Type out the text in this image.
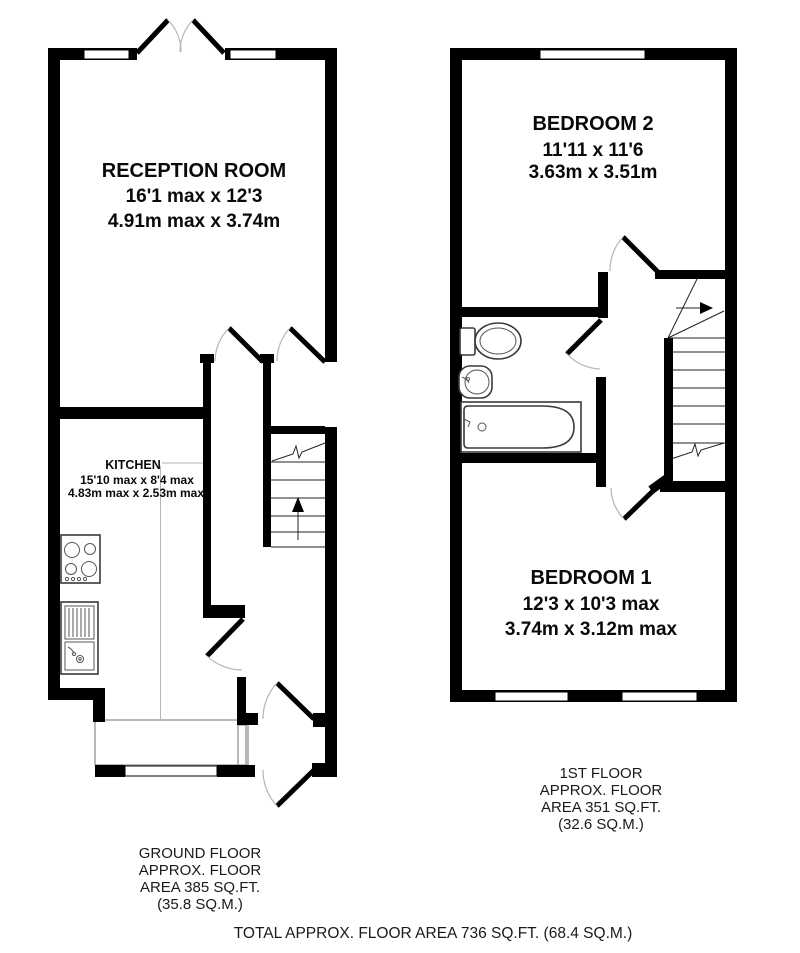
RECEPTION ROOM
16'1 max x 12'3
4.91m max x 3.74m
KITCHEN
15'10 max x 8'4 max
4.83m max x 2.53m max
GROUND FLOOR
APPROX. FLOOR
AREA 385 SQ.FT.
(35.8 SQ.M.)
BEDROOM 2
11'11 x 11'6
3.63m x 3.51m
BEDROOM 1
12'3 x 10'3 max
3.74m x 3.12m max
1ST FLOOR
APPROX. FLOOR
AREA 351 SQ.FT.
(32.6 SQ.M.)
TOTAL APPROX. FLOOR AREA 736 SQ.FT. (68.4 SQ.M.)
